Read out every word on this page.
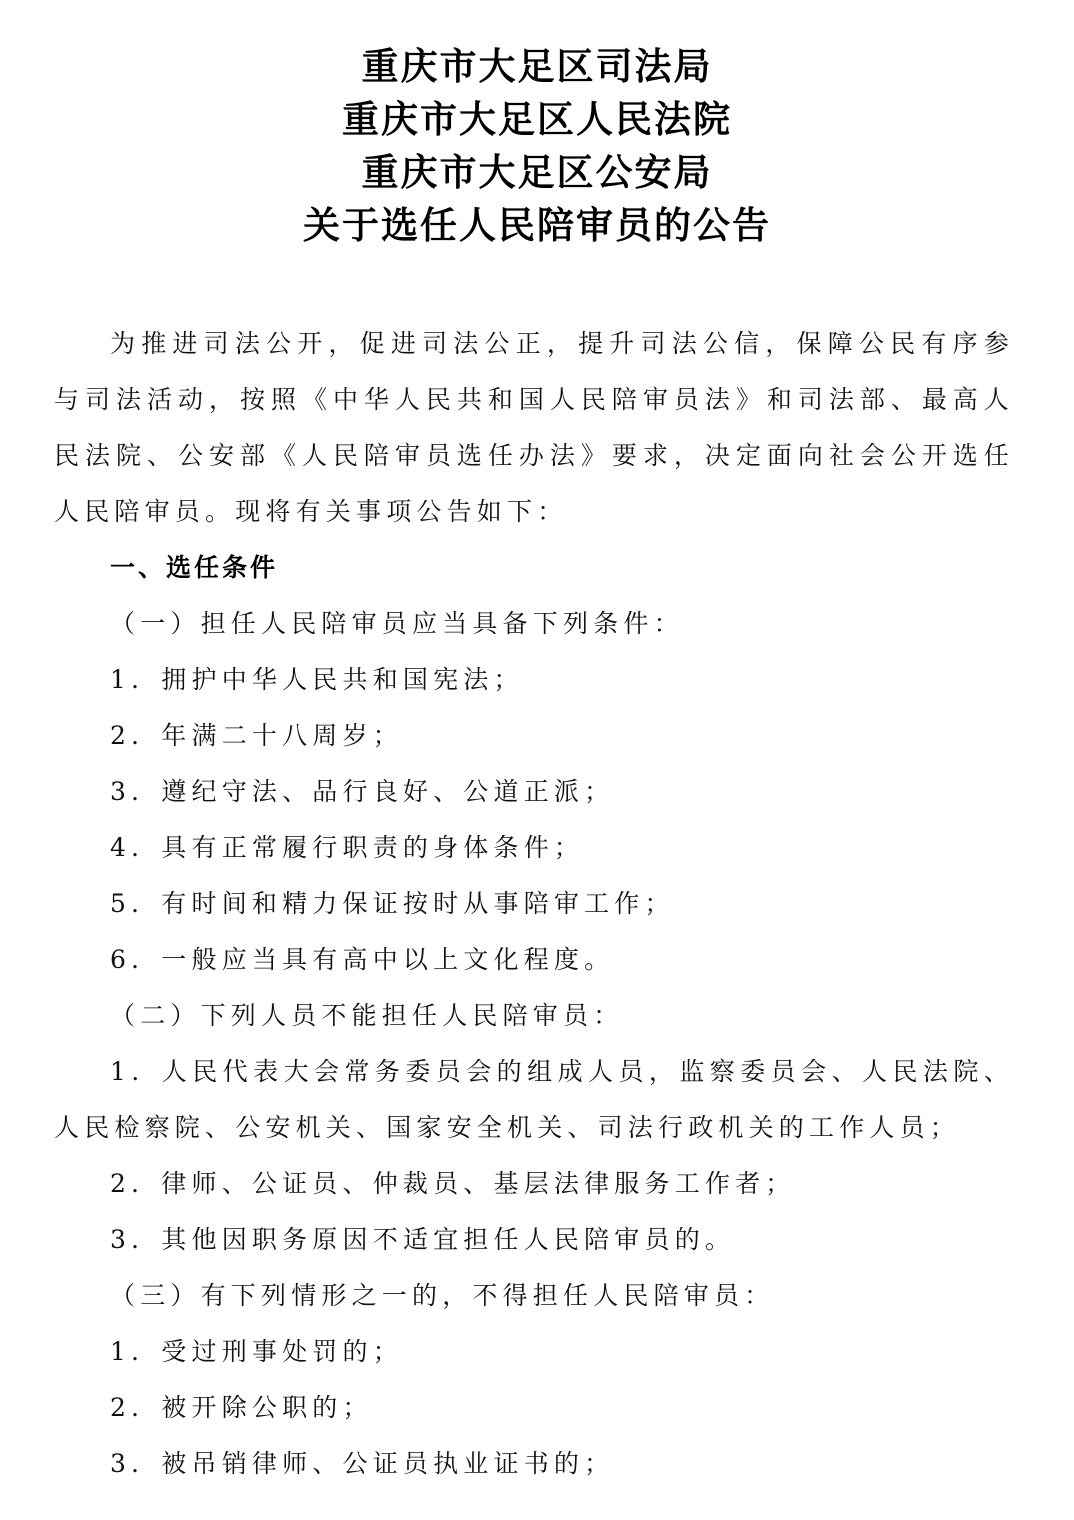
重庆市大足区司法局

重庆市大足区人民法院

重庆市大足区公安局

关于选任人民陪审员的公告

为推进司法公开，促进司法公正，提升司法公信，保障公民有序参与司法活动，按照《中华人民共和国人民陪审员法》和司法部、最高人民法院、公安部《人民陪审员选任办法》要求，决定面向社会公开选任人民陪审员。现将有关事项公告如下：

一、选任条件

（一）担任人民陪审员应当具备下列条件：

1．拥护中华人民共和国宪法；

2．年满二十八周岁；

3．遵纪守法、品行良好、公道正派；

4．具有正常履行职责的身体条件；

5．有时间和精力保证按时从事陪审工作；

6．一般应当具有高中以上文化程度。

（二）下列人员不能担任人民陪审员：

1．人民代表大会常务委员会的组成人员，监察委员会、人民法院、人民检察院、公安机关、国家安全机关、司法行政机关的工作人员；

2．律师、公证员、仲裁员、基层法律服务工作者；

3．其他因职务原因不适宜担任人民陪审员的。

（三）有下列情形之一的，不得担任人民陪审员：

1．受过刑事处罚的；

2．被开除公职的；

3．被吊销律师、公证员执业证书的；
